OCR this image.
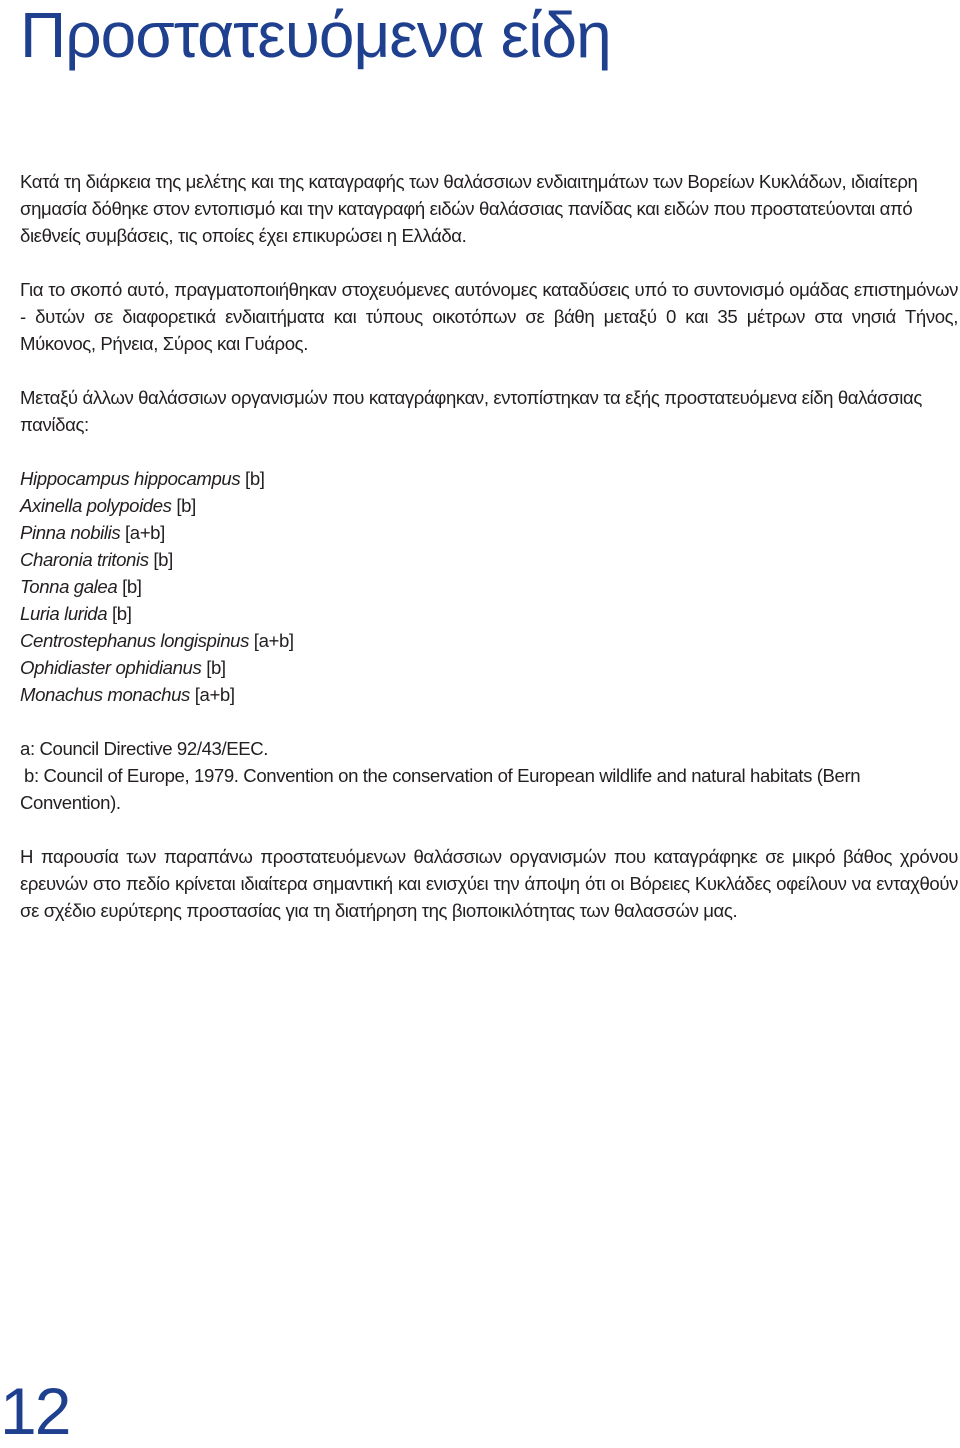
Προστατευόμενα είδη

Κατά τη διάρκεια της μελέτης και της καταγραφής των θαλάσσιων ενδιαιτημάτων των Βορείων Κυκλάδων, ιδιαίτερη σημασία δόθηκε στον εντοπισμό και την καταγραφή ειδών θαλάσσιας πανίδας και ειδών που προστατεύονται από διεθνείς συμβάσεις, τις οποίες έχει επικυρώσει η Ελλάδα.

Για το σκοπό αυτό, πραγματοποιήθηκαν στοχευόμενες αυτόνομες καταδύσεις υπό το συντονισμό ομάδας επιστημόνων - δυτών σε διαφορετικά ενδιαιτήματα και τύπους οικοτόπων σε βάθη μεταξύ 0 και 35 μέτρων στα νησιά Τήνος, Μύκονος, Ρήνεια, Σύρος και Γυάρος.

Μεταξύ άλλων θαλάσσιων οργανισμών που καταγράφηκαν, εντοπίστηκαν τα εξής προστατευόμενα είδη θαλάσσιας πανίδας:

Hippocampus hippocampus [b]
Axinella polypoides [b]
Pinna nobilis [a+b]
Charonia tritonis [b]
Tonna galea [b]
Luria lurida [b]
Centrostephanus longispinus [a+b]
Ophidiaster ophidianus [b]
Monachus monachus [a+b]
a: Council Directive 92/43/EEC.
b: Council of Europe, 1979. Convention on the conservation of European wildlife and natural habitats (Bern Convention).

Η παρουσία των παραπάνω προστατευόμενων θαλάσσιων οργανισμών που καταγράφηκε σε μικρό βάθος χρόνου ερευνών στο πεδίο κρίνεται ιδιαίτερα σημαντική και ενισχύει την άποψη ότι οι Βόρειες Κυκλάδες οφείλουν να ενταχθούν σε σχέδιο ευρύτερης προστασίας για τη διατήρηση της βιοποικιλότητας των θαλασσών μας.

12
